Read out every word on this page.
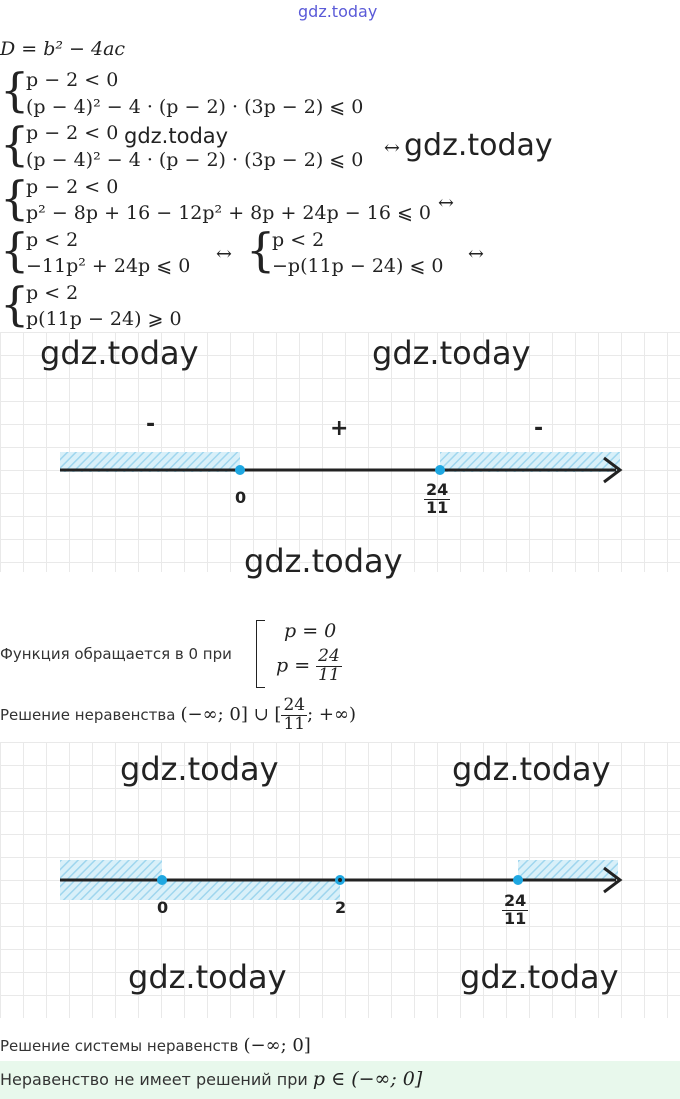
gdz.today
D = b² − 4ac
{
p − 2 < 0
(p − 4)² − 4 · (p − 2) · (3p − 2) ⩽ 0
{
p − 2 < 0
(p − 4)² − 4 · (p − 2) · (3p − 2) ⩽ 0
gdz.today	↔ gdz.today
{
p − 2 < 0
p² − 8p + 16 − 12p² + 8p + 24p − 16 ⩽ 0 ↔
{
p < 2
−11p² + 24p ⩽ 0
↔ {
p < 2
−p(11p − 24) ⩽ 0
↔
{
p < 2
p(11p − 24) ⩾ 0
gdz.today	gdz.today
-	+	-
0	$\frac{24}{11}$
gdz.today
Функция обращается в 0 при
p = 0
$p = \frac{24}{11}$
Решение неравенства (−∞; 0] ∪ [ $\frac{24}{11}$ ; +∞)
gdz.today	gdz.today
0	2	$\frac{24}{11}$
gdz.today	gdz.today
Решение системы неравенств (−∞; 0]
Неравенство не имеет решений при p ∈ (−∞; 0]
